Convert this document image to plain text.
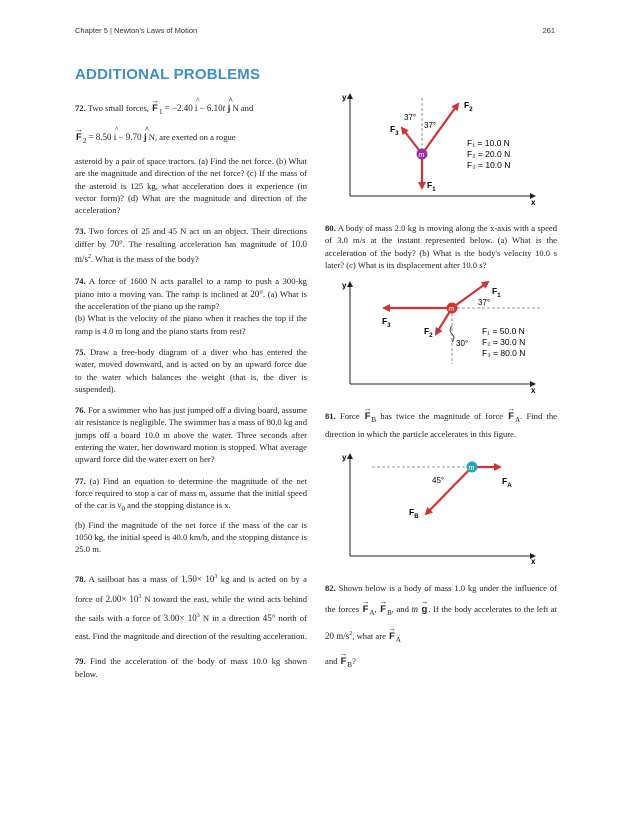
Chapter 5 | Newton's Laws of Motion	261
ADDITIONAL PROBLEMS
72. Two small forces, → $F_1 = -2.40$ ^ i − 6.10t ^ j N and
→ $F_2 = 8.50$ ^ i − 9.70 ^ j N, are exerted on a rogue
asteroid by a pair of space tractors. (a) Find the net force. (b) What are the magnitude and direction of the net force? (c) If the mass of the asteroid is 125 kg, what acceleration does it experience (in vector form)? (d) What are the magnitude and direction of the acceleration?
73. Two forces of 25 and 45 N act on an object. Their directions differ by 70°. The resulting acceleration has magnitude of 10.0 $m/s^2$. What is the mass of the body?
74. A force of 1600 N acts parallel to a ramp to push a 300-kg piano into a moving van. The ramp is inclined at 20°. (a) What is the acceleration of the piano up the ramp?
(b) What is the velocity of the piano when it reaches the top if the ramp is 4.0 m long and the piano starts from rest?
75. Draw a free-body diagram of a diver who has entered the water, moved downward, and is acted on by an upward force due to the water which balances the weight (that is, the diver is suspended).
76. For a swimmer who has just jumped off a diving board, assume air resistance is negligible. The swimmer has a mass of 80.0 kg and jumps off a board 10.0 m above the water. Three seconds after entering the water, her downward motion is stopped. What average upward force did the water exert on her?
77. (a) Find an equation to determine the magnitude of the net force required to stop a car of mass m, assume that the initial speed of the car is $v_0$ and the stopping distance is x.
(b) Find the magnitude of the net force if the mass of the car is 1050 kg, the initial speed is 40.0 km/h, and the stopping distance is 25.0 m.
78. A sailboat has a mass of $1.50\times 10^3$ kg and is acted on by a force of $2.00\times 10^3$ N toward the east, while the wind acts behind the sails with a force of $3.00\times 10^3$ N in a direction 45° north of east. Find the magnitude and direction of the resulting acceleration.
79. Find the acceleration of the body of mass 10.0 kg shown below.
y
x
m
37°
37°
$F_2$
$F_3$
$F_1$
F₁ = 10.0 N
F₂ = 20.0 N
F₃ = 10.0 N
80. A body of mass 2.0 kg is moving along the x-axis with a speed of 3.0 m/s at the instant represented below. (a) What is the acceleration of the body? (b) What is the body's velocity 10.0 s later? (c) What is its displacement after 10.0 s?
y
x
m
37°
30°
$F_1$
$F_3$	$F_2$	F₁ = 50.0 N
F₂ = 30.0 N
F₃ = 80.0 N
81. Force → $F_B$ has twice the magnitude of force → $F_A$. Find the direction in which the particle accelerates in this figure.
y
x
m
45°	$F_A$
$F_B$
82. Shown below is a body of mass 1.0 kg under the influence of the forces → $F_A$, → $F_B$, and m → g. If the body accelerates to the left at 20 $m/s^2$, what are → $F_A$
and → $F_B$?
